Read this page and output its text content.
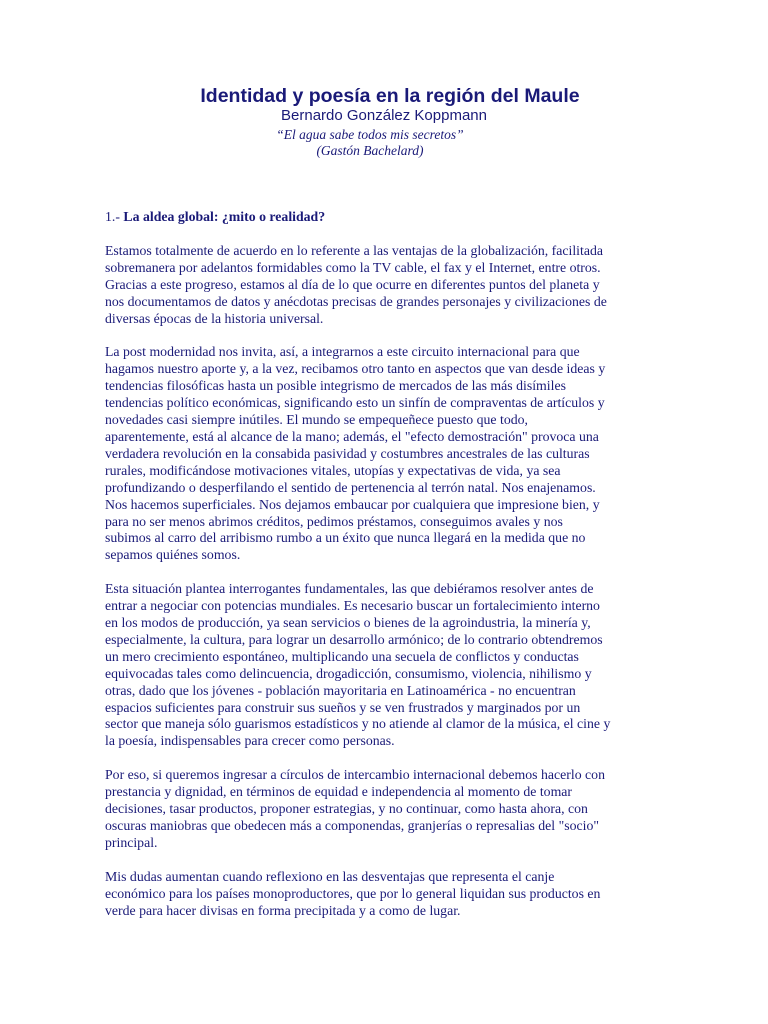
Identidad y poesía en la región del Maule
Bernardo González Koppmann
“El agua sabe todos mis secretos”
(Gastón Bachelard)
1.- La aldea global: ¿mito o realidad?

Estamos totalmente de acuerdo en lo referente a las ventajas de la globalización, facilitada
sobremanera por adelantos formidables como la TV cable, el fax y el Internet, entre otros.
Gracias a este progreso, estamos al día de lo que ocurre en diferentes puntos del planeta y
nos documentamos de datos y anécdotas precisas de grandes personajes y civilizaciones de
diversas épocas de la historia universal.

La post modernidad nos invita, así, a integrarnos a este circuito internacional para que
hagamos nuestro aporte y, a la vez, recibamos otro tanto en aspectos que van desde ideas y
tendencias filosóficas hasta un posible integrismo de mercados de las más disímiles
tendencias político económicas, significando esto un sinfín de compraventas de artículos y
novedades casi siempre inútiles. El mundo se empequeñece puesto que todo,
aparentemente, está al alcance de la mano; además, el "efecto demostración" provoca una
verdadera revolución en la consabida pasividad y costumbres ancestrales de las culturas
rurales, modificándose motivaciones vitales, utopías y expectativas de vida, ya sea
profundizando o desperfilando el sentido de pertenencia al terrón natal. Nos enajenamos.
Nos hacemos superficiales. Nos dejamos embaucar por cualquiera que impresione bien, y
para no ser menos abrimos créditos, pedimos préstamos, conseguimos avales y nos
subimos al carro del arribismo rumbo a un éxito que nunca llegará en la medida que no
sepamos quiénes somos.

Esta situación plantea interrogantes fundamentales, las que debiéramos resolver antes de
entrar a negociar con potencias mundiales. Es necesario buscar un fortalecimiento interno
en los modos de producción, ya sean servicios o bienes de la agroindustria, la minería y,
especialmente, la cultura, para lograr un desarrollo armónico; de lo contrario obtendremos
un mero crecimiento espontáneo, multiplicando una secuela de conflictos y conductas
equivocadas tales como delincuencia, drogadicción, consumismo, violencia, nihilismo y
otras, dado que los jóvenes - población mayoritaria en Latinoamérica - no encuentran
espacios suficientes para construir sus sueños y se ven frustrados y marginados por un
sector que maneja sólo guarismos estadísticos y no atiende al clamor de la música, el cine y
la poesía, indispensables para crecer como personas.

Por eso, si queremos ingresar a círculos de intercambio internacional debemos hacerlo con
prestancia y dignidad, en términos de equidad e independencia al momento de tomar
decisiones, tasar productos, proponer estrategias, y no continuar, como hasta ahora, con
oscuras maniobras que obedecen más a componendas, granjerías o represalias del "socio"
principal.

Mis dudas aumentan cuando reflexiono en las desventajas que representa el canje
económico para los países monoproductores, que por lo general liquidan sus productos en
verde para hacer divisas en forma precipitada y a como de lugar.
